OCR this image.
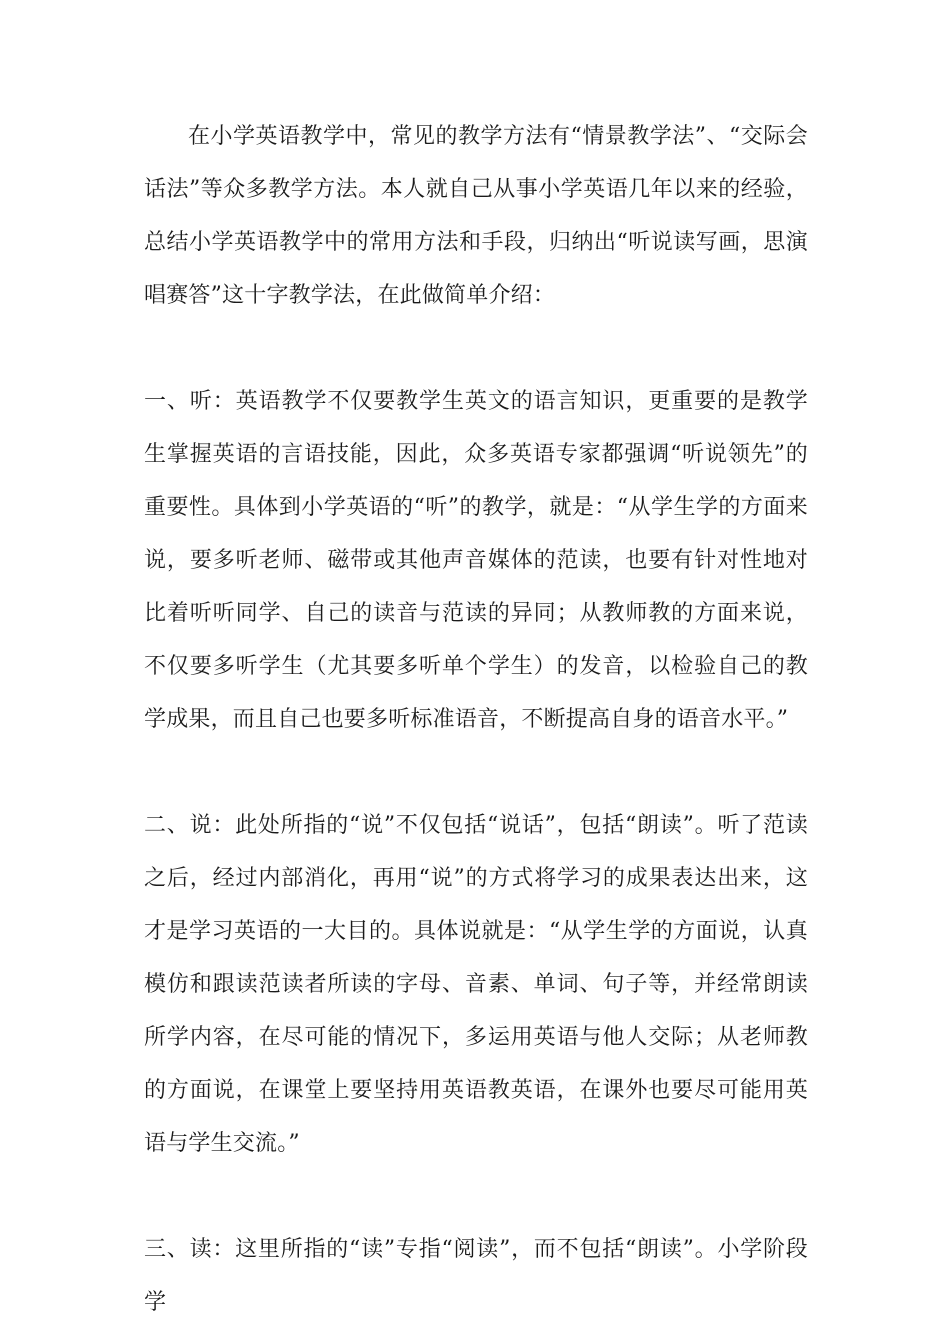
在小学英语教学中，常见的教学方法有“情景教学法”、“交际会话法”等众多教学方法。本人就自己从事小学英语几年以来的经验，总结小学英语教学中的常用方法和手段，归纳出“听说读写画，思演唱赛答”这十字教学法，在此做简单介绍：

一、听：英语教学不仅要教学生英文的语言知识，更重要的是教学生掌握英语的言语技能，因此，众多英语专家都强调“听说领先”的重要性。具体到小学英语的“听”的教学，就是：“从学生学的方面来说，要多听老师、磁带或其他声音媒体的范读，也要有针对性地对比着听听同学、自己的读音与范读的异同；从教师教的方面来说，不仅要多听学生（尤其要多听单个学生）的发音，以检验自己的教学成果，而且自己也要多听标准语音，不断提高自身的语音水平。”

二、说：此处所指的“说”不仅包括“说话”，包括“朗读”。听了范读之后，经过内部消化，再用“说”的方式将学习的成果表达出来，这才是学习英语的一大目的。具体说就是：“从学生学的方面说，认真模仿和跟读范读者所读的字母、音素、单词、句子等，并经常朗读所学内容，在尽可能的情况下，多运用英语与他人交际；从老师教的方面说，在课堂上要坚持用英语教英语，在课外也要尽可能用英语与学生交流。”

三、读：这里所指的“读”专指“阅读”，而不包括“朗读”。小学阶段学
